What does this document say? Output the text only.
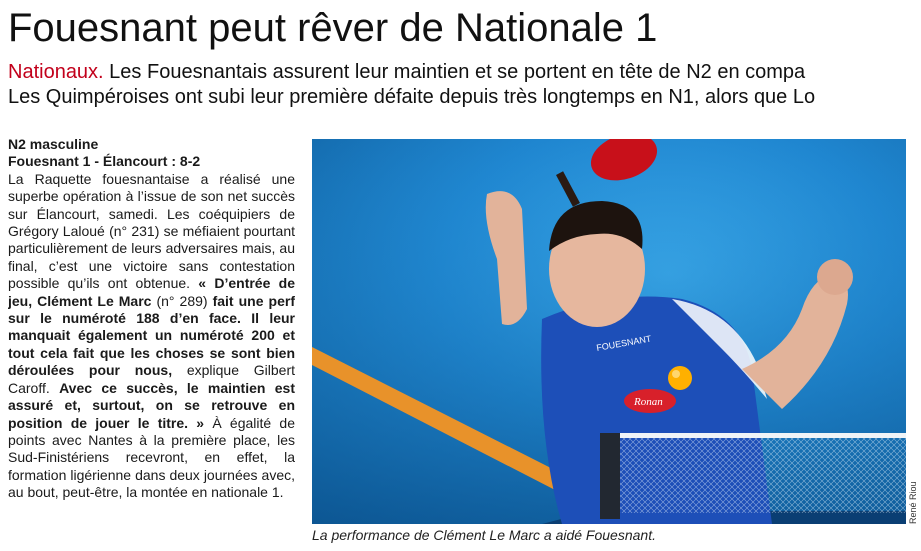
Fouesnant peut rêver de Nationale 1
Nationaux. Les Fouesnantais assurent leur maintien et se portent en tête de N2 en compa
Les Quimpéroises ont subi leur première défaite depuis très longtemps en N1, alors que Lo
N2 masculine
Fouesnant 1 - Élancourt : 8-2

La Raquette fouesnantaise a réalisé une superbe opération à l’issue de son net succès sur Élancourt, samedi. Les coéquipiers de Grégory Laloué (n° 231) se méfiaient pourtant particulièrement de leurs adversaires mais, au final, c’est une victoire sans contestation possible qu’ils ont obtenue. « D’entrée de jeu, Clément Le Marc (n° 289) fait une perf sur le numéroté 188 d’en face. Il leur manquait également un numéroté 200 et tout cela fait que les choses se sont bien déroulées pour nous, explique Gilbert Caroff. Avec ce succès, le maintien est assuré et, surtout, on se retrouve en position de jouer le titre. » À égalité de points avec Nantes à la première place, les Sud-Finistériens recevront, en effet, la formation ligérienne dans deux journées avec, au bout, peut-être, la montée en nationale 1.

FOUESNANT
Ronan
René Riou
La performance de Clément Le Marc a aidé Fouesnant.
